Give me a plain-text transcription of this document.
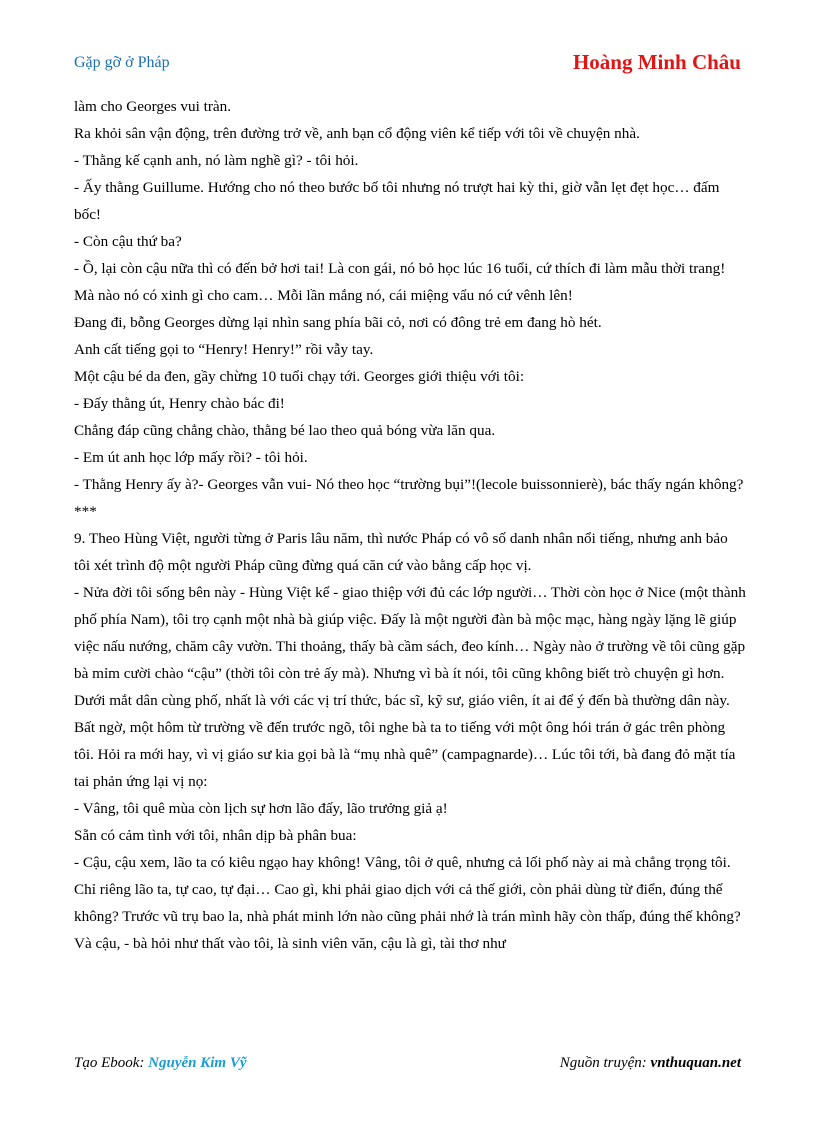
Gặp gỡ ở Pháp	Hoàng Minh Châu

làm cho Georges vui tràn.

Ra khỏi sân vận động, trên đường trở về, anh bạn cổ động viên kể tiếp với tôi về chuyện nhà.

- Thằng kế cạnh anh, nó làm nghề gì? - tôi hỏi.

- Ấy thằng Guillume. Hướng cho nó theo bước bố tôi nhưng nó trượt hai kỳ thi, giờ vẫn lẹt đẹt học… đấm bốc!

- Còn cậu thứ ba?

- Ồ, lại còn cậu nữa thì có đến bở hơi tai! Là con gái, nó bỏ học lúc 16 tuổi, cứ thích đi làm mẫu thời trang! Mà nào nó có xinh gì cho cam… Mỗi lần mắng nó, cái miệng vẩu nó cứ vênh lên!

Đang đi, bỗng Georges dừng lại nhìn sang phía bãi cỏ, nơi có đông trẻ em đang hò hét.

Anh cất tiếng gọi to “Henry! Henry!” rồi vẫy tay.

Một cậu bé da đen, gầy chừng 10 tuổi chạy tới. Georges giới thiệu với tôi:

- Đấy thằng út, Henry chào bác đi!

Chẳng đáp cũng chẳng chào, thằng bé lao theo quả bóng vừa lăn qua.

- Em út anh học lớp mấy rồi? - tôi hỏi.

- Thằng Henry ấy à?- Georges vẫn vui- Nó theo học “trường bụi”!(lecole buissonnierè), bác thấy ngán không?

***

9. Theo Hùng Việt, người từng ở Paris lâu năm, thì nước Pháp có vô số danh nhân nổi tiếng, nhưng anh bảo tôi xét trình độ một người Pháp cũng đừng quá căn cứ vào bằng cấp học vị.

- Nửa đời tôi sống bên này - Hùng Việt kể - giao thiệp với đủ các lớp người… Thời còn học ở Nice (một thành phố phía Nam), tôi trọ cạnh một nhà bà giúp việc. Đấy là một người đàn bà mộc mạc, hàng ngày lặng lẽ giúp việc nấu nướng, chăm cây vườn. Thi thoảng, thấy bà cầm sách, đeo kính… Ngày nào ở trường về tôi cũng gặp bà mỉm cười chào “cậu” (thời tôi còn trẻ ấy mà). Nhưng vì bà ít nói, tôi cũng không biết trò chuyện gì hơn. Dưới mắt dân cùng phố, nhất là với các vị trí thức, bác sĩ, kỹ sư, giáo viên, ít ai để ý đến bà thường dân này.

Bất ngờ, một hôm từ trường về đến trước ngõ, tôi nghe bà ta to tiếng với một ông hói trán ở gác trên phòng tôi. Hỏi ra mới hay, vì vị giáo sư kia gọi bà là “mụ nhà quê” (campagnarde)… Lúc tôi tới, bà đang đỏ mặt tía tai phản ứng lại vị nọ:

- Vâng, tôi quê mùa còn lịch sự hơn lão đấy, lão trưởng giả ạ!

Sẵn có cảm tình với tôi, nhân dịp bà phân bua:

- Cậu, cậu xem, lão ta có kiêu ngạo hay không! Vâng, tôi ở quê, nhưng cả lối phố này ai mà chẳng trọng tôi. Chỉ riêng lão ta, tự cao, tự đại… Cao gì, khi phải giao dịch với cả thế giới, còn phải dùng từ điển, đúng thế không? Trước vũ trụ bao la, nhà phát minh lớn nào cũng phải nhớ là trán mình hãy còn thấp, đúng thế không? Và cậu, - bà hỏi như thất vào tôi, là sinh viên văn, cậu là gì, tài thơ như

Tạo Ebook: Nguyễn Kim Vỹ	Nguồn truyện: vnthuquan.net
